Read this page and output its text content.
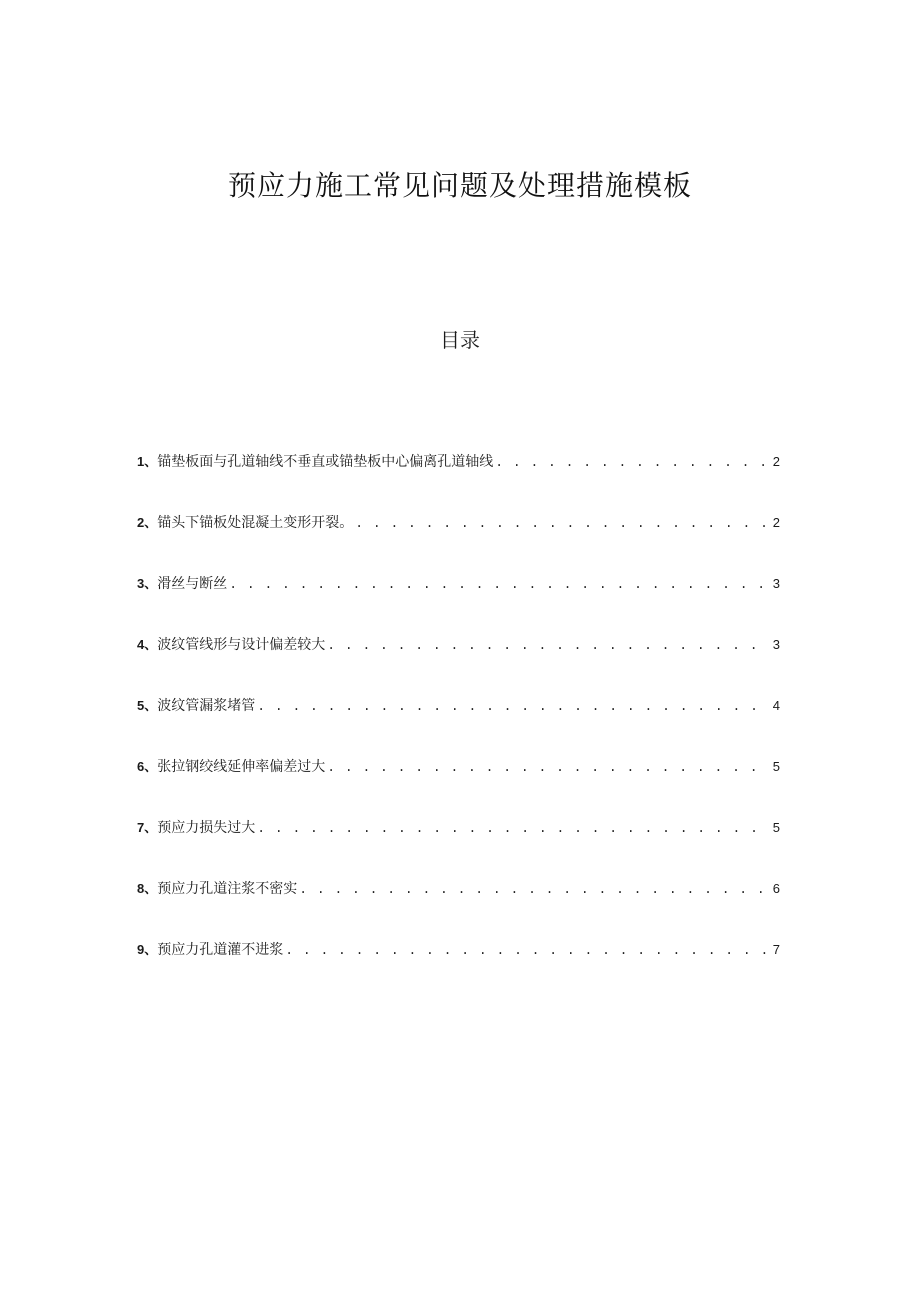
预应力施工常见问题及处理措施模板
目录
1、 锚垫板面与孔道轴线不垂直或锚垫板中心偏离孔道轴线 . . .	2
2、 锚头下锚板处混凝土变形开裂。 . . .	2
3、 滑丝与断丝 . . .	3
4、 波纹管线形与设计偏差较大 . . .	3
5、 波纹管漏浆堵管 . . .	4
6、 张拉钢绞线延伸率偏差过大 . . .	5
7、 预应力损失过大 . . .	5
8、 预应力孔道注浆不密实 . . .	6
9、 预应力孔道灌不进浆 . . .	7
